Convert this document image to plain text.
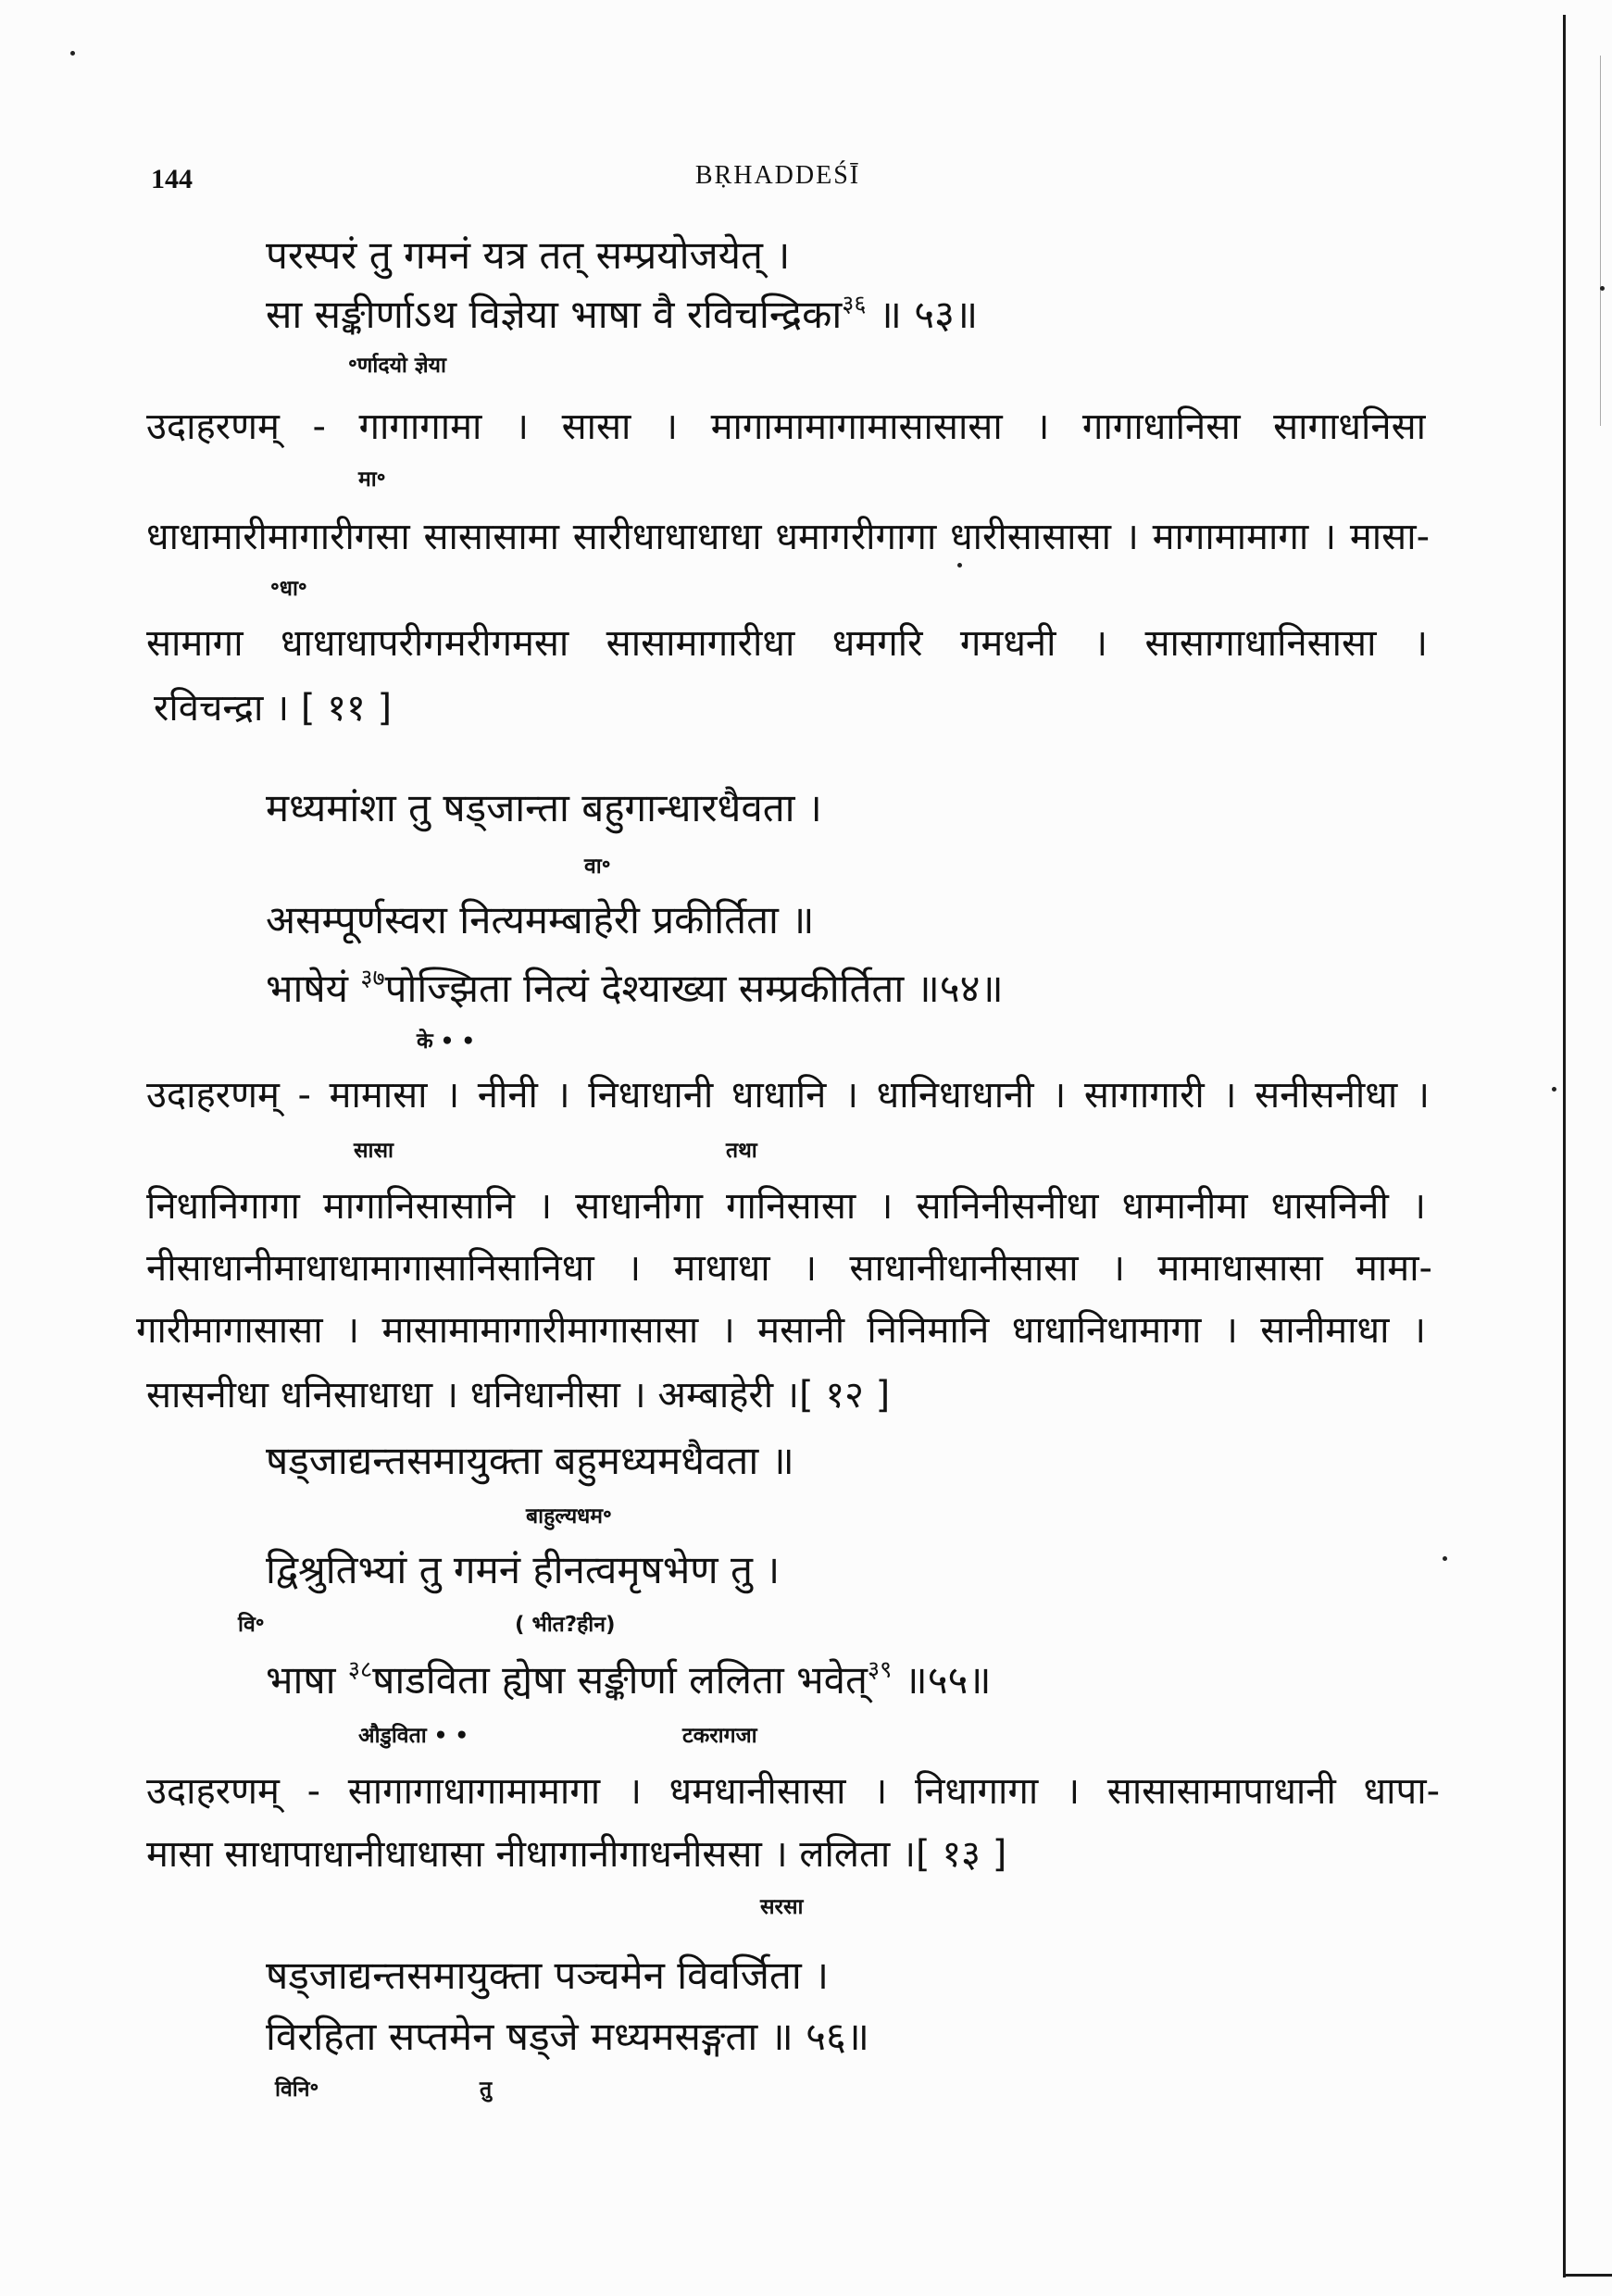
144	BṚHADDEŚĪ
परस्परं तु गमनं यत्र तत् सम्प्रयोजयेत् ।
सा सङ्कीर्णाऽथ विज्ञेया भाषा वै रविचन्द्रिका$^{३६}$ ॥ ५३॥
॰र्णादयो ज्ञेया
उदाहरणम् - गागागामा । सासा । मागामामागामासासासा । गागाधानिसा सागाधनिसा
मा॰
धाधामारीमागारीगसा सासासामा सारीधाधाधाधा धमागरीगागा धारीसासासा । मागामामागा । मासा-
॰धा॰
सामागा धाधाधापरीगमरीगमसा सासामागारीधा धमगरि गमधनी । सासागाधानिसासा ।
रविचन्द्रा । [ ११ ]
मध्यमांशा तु षड्जान्ता बहुगान्धारधैवता ।
वा॰
असम्पूर्णस्वरा नित्यमम्बाहेरी प्रकीर्तिता ॥
भाषेयं $^{३७}$पोज्झिता नित्यं देश्याख्या सम्प्रकीर्तिता ॥५४॥
के • •
उदाहरणम् - मामासा । नीनी । निधाधानी धाधानि । धानिधाधानी । सागागारी । सनीसनीधा ।
सासा	तथा
निधानिगागा मागानिसासानि । साधानीगा गानिसासा । सानिनीसनीधा धामानीमा धासनिनी ।
नीसाधानीमाधाधामागासानिसानिधा । माधाधा । साधानीधानीसासा । मामाधासासा मामा-
गारीमागासासा । मासामामागारीमागासासा । मसानी निनिमानि धाधानिधामागा । सानीमाधा ।
सासनीधा धनिसाधाधा । धनिधानीसा । अम्बाहेरी ।[ १२ ]
षड्जाद्यन्तसमायुक्ता बहुमध्यमधैवता ॥
बाहुल्यधम॰
द्विश्रुतिभ्यां तु गमनं हीनत्वमृषभेण तु ।
वि॰	( भीत?हीन)
भाषा $^{३८}$षाडविता ह्येषा सङ्कीर्णा ललिता भवेत्$^{३९}$ ॥५५॥
औडुविता • •	टकरागजा
उदाहरणम् - सागागाधागामामागा । धमधानीसासा । निधागागा । सासासामापाधानी धापा-
मासा साधापाधानीधाधासा नीधागानीगाधनीससा । ललिता ।[ १३ ]
सरसा
षड्जाद्यन्तसमायुक्ता पञ्चमेन विवर्जिता ।
विरहिता सप्तमेन षड्जे मध्यमसङ्गता ॥ ५६॥
विनि॰	तु
